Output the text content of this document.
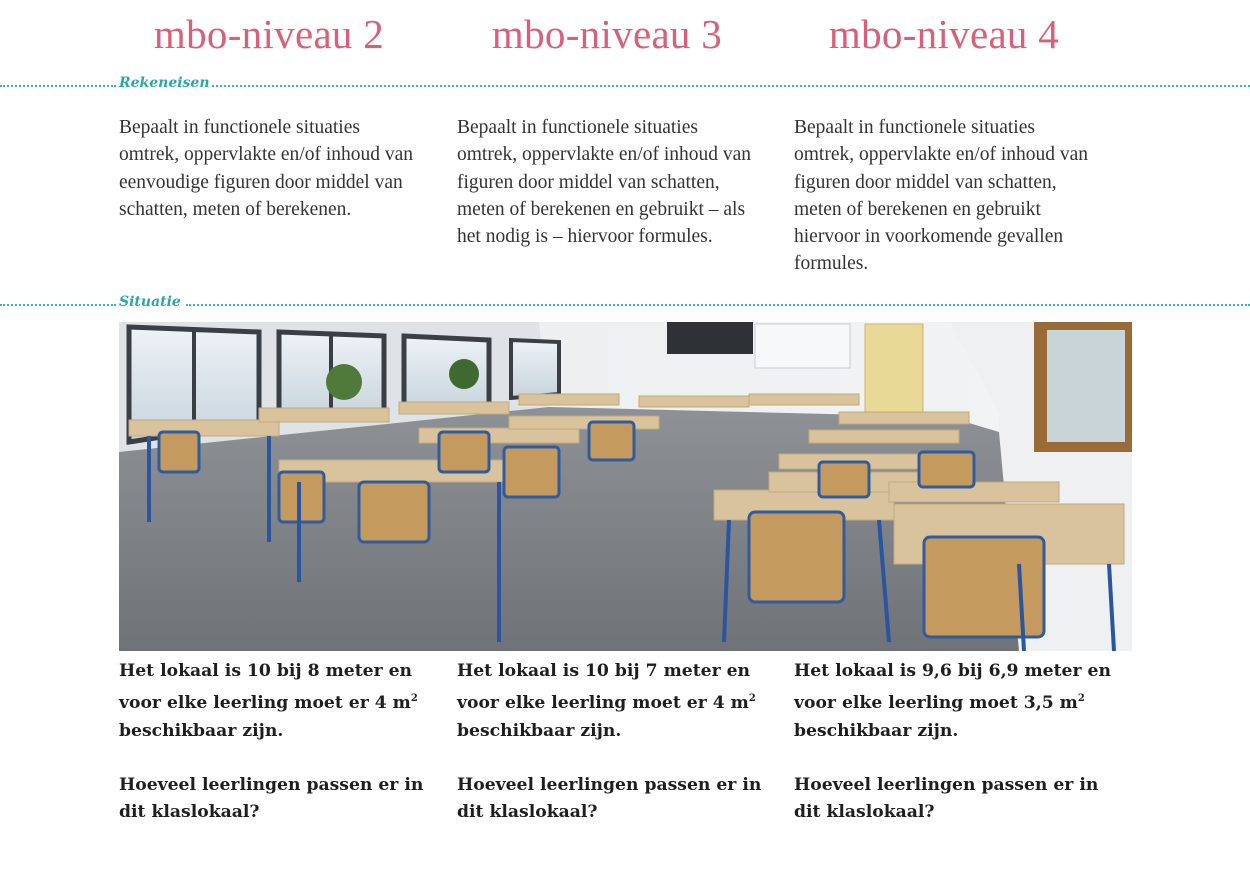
mbo-niveau 2	mbo-niveau 3	mbo-niveau 4
Rekeneisen
Bepaalt in functionele situaties omtrek, oppervlakte en/of inhoud van eenvoudige figuren door middel van schatten, meten of berekenen.
Bepaalt in functionele situaties omtrek, oppervlakte en/of inhoud van figuren door middel van schatten, meten of berekenen en gebruikt – als het nodig is – hiervoor formules.
Bepaalt in functionele situaties omtrek, oppervlakte en/of inhoud van figuren door middel van schatten, meten of berekenen en gebruikt hiervoor in voorkomende gevallen formules.
Situatie

Het lokaal is 10 bij 8 meter en voor elke leerling moet er 4 $m^2$ beschikbaar zijn.

Hoeveel leerlingen passen er in dit klaslokaal?

Het lokaal is 10 bij 7 meter en voor elke leerling moet er 4 $m^2$ beschikbaar zijn.

Hoeveel leerlingen passen er in dit klaslokaal?

Het lokaal is 9,6 bij 6,9 meter en voor elke leerling moet 3,5 $m^2$ beschikbaar zijn.

Hoeveel leerlingen passen er in dit klaslokaal?
